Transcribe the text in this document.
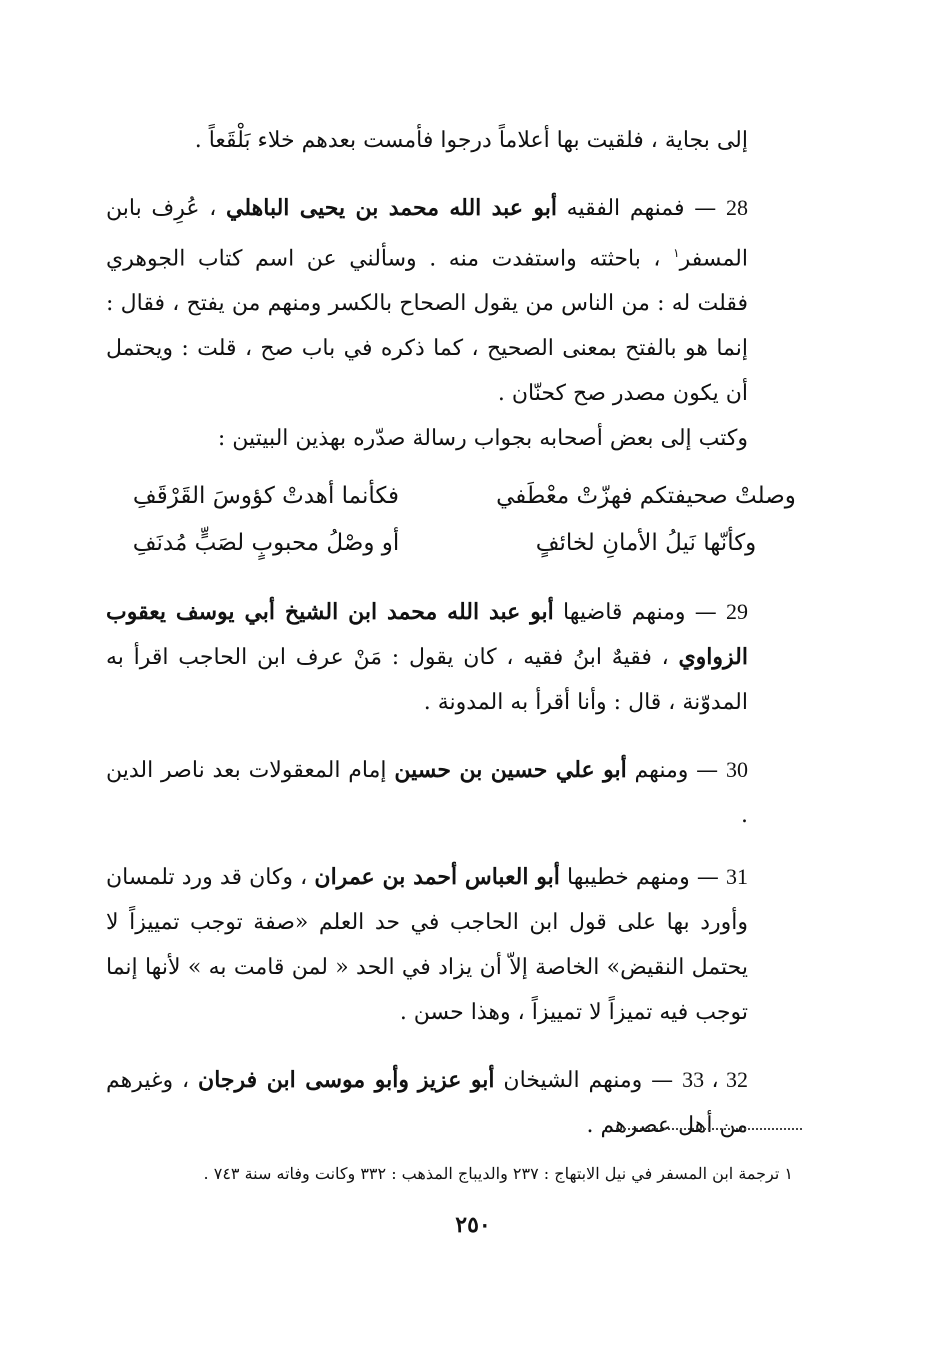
إلى بجاية ، فلقيت بها أعلاماً درجوا فأمست بعدهم خلاء بَلْقَعاً .

28 — فمنهم الفقيه أبو عبد الله محمد بن يحيى الباهلي ، عُرِف بابن المسفر$^١$ ، باحثته واستفدت منه . وسألني عن اسم كتاب الجوهري فقلت له : من الناس من يقول الصحاح بالكسر ومنهم من يفتح ، فقال : إنما هو بالفتح بمعنى الصحيح ، كما ذكره في باب صح ، قلت : ويحتمل أن يكون مصدر صح كحنّان .

وكتب إلى بعض أصحابه بجواب رسالة صدّره بهذين البيتين :

وصلتْ صحيفتكم فهزّتْ معْطَفي
فكأنما أهدتْ كؤوسَ القَرْقَفِ
وكأنّها نَيلُ الأمانِ لخائفٍ
أو وصْلُ محبوبٍ لصَبٍّ مُدنَفِ

29 — ومنهم قاضيها أبو عبد الله محمد ابن الشيخ أبي يوسف يعقوب الزواوي ، فقيهٌ ابنُ فقيه ، كان يقول : مَنْ عرف ابن الحاجب اقرأ به المدوّنة ، قال : وأنا أقرأ به المدونة .

30 — ومنهم أبو علي حسين بن حسين إمام المعقولات بعد ناصر الدين .

31 — ومنهم خطيبها أبو العباس أحمد بن عمران ، وكان قد ورد تلمسان وأورد بها على قول ابن الحاجب في حد العلم «صفة توجب تمييزاً لا يحتمل النقيض» الخاصة إلاّ أن يزاد في الحد « لمن قامت به » لأنها إنما توجب فيه تميزاً لا تمييزاً ، وهذا حسن .

32 ، 33 — ومنهم الشيخان أبو عزيز وأبو موسى ابن فرجان ، وغيرهم من أهل عصرهم .

١ ترجمة ابن المسفر في نيل الابتهاج : ٢٣٧ والديباج المذهب : ٣٣٢ وكانت وفاته سنة ٧٤٣ .
٢٥٠
